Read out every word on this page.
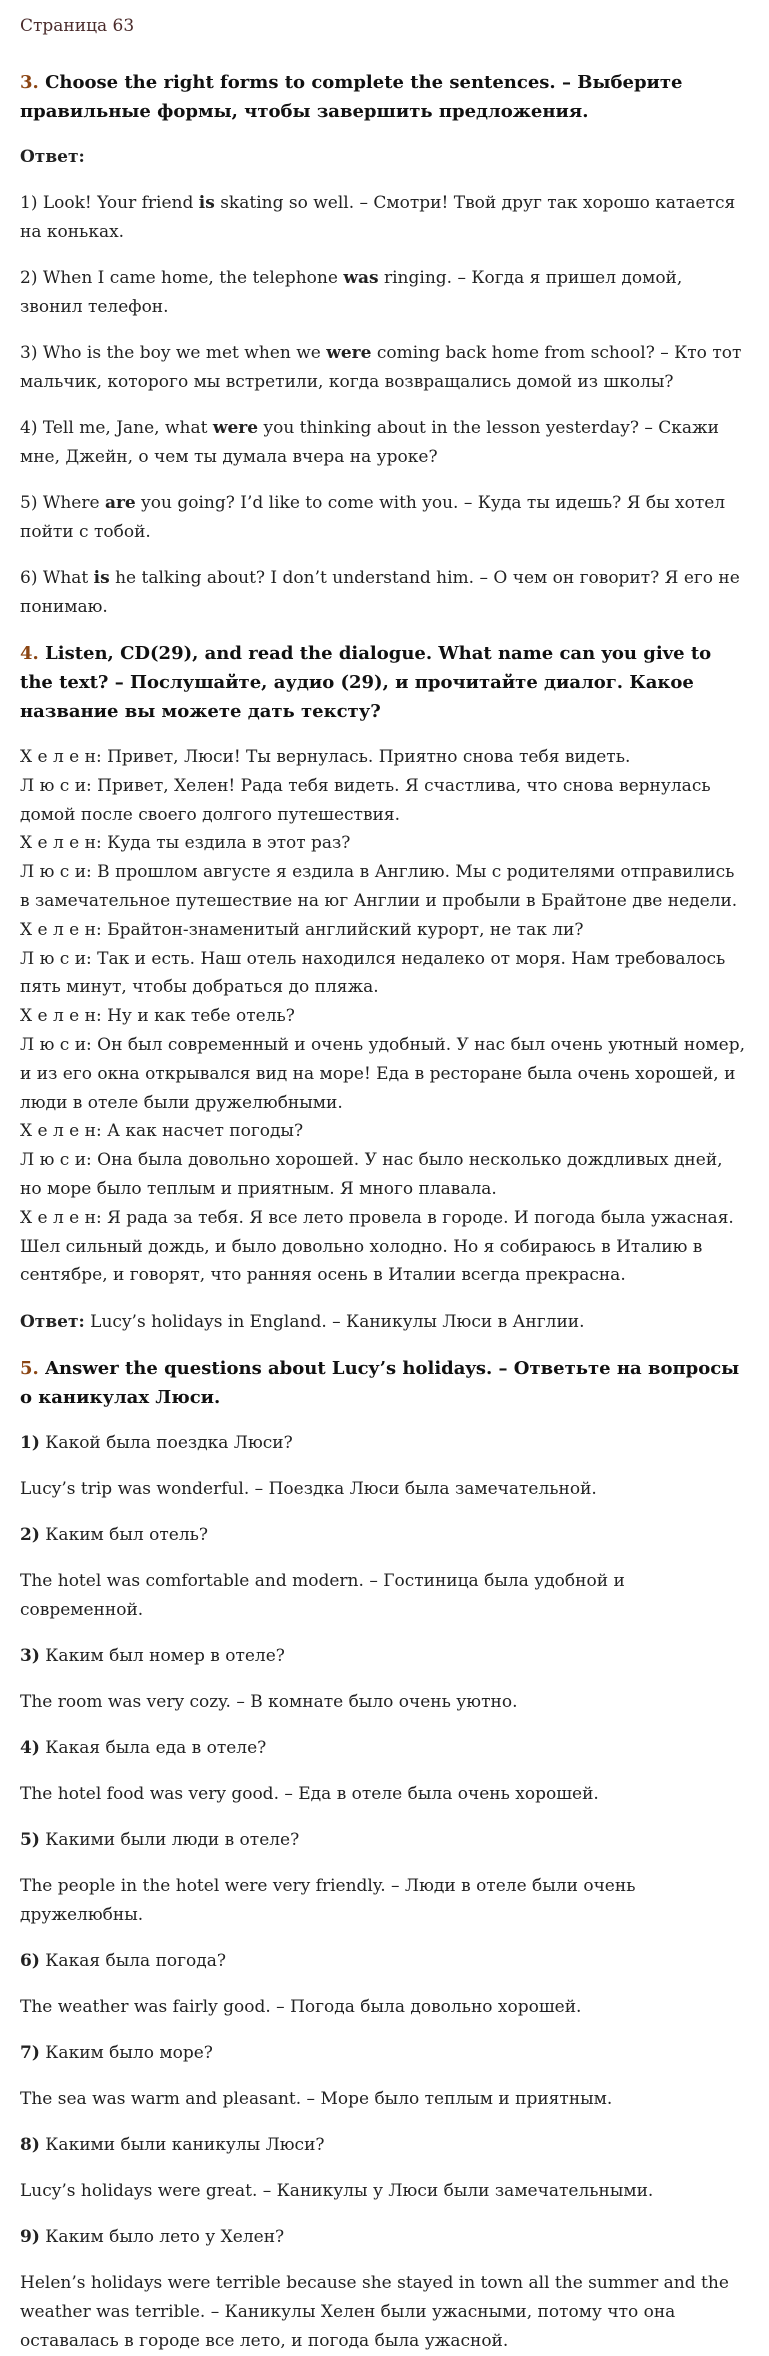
Страница 63
3. Choose the right forms to complete the sentences. – Выберите правильные формы, чтобы завершить предложения.
Ответ:
1) Look! Your friend is skating so well. – Смотри! Твой друг так хорошо катается на коньках.
2) When I came home, the telephone was ringing. – Когда я пришел домой, звонил телефон.
3) Who is the boy we met when we were coming back home from school? – Кто тот мальчик, которого мы встретили, когда возвращались домой из школы?
4) Tell me, Jane, what were you thinking about in the lesson yesterday? – Скажи мне, Джейн, о чем ты думала вчера на уроке?
5) Where are you going? I’d like to come with you. – Куда ты идешь? Я бы хотел пойти с тобой.
6) What is he talking about? I don’t understand him. – О чем он говорит? Я его не понимаю.
4. Listen, CD(29), and read the dialogue. What name can you give to the text? – Послушайте, аудио (29), и прочитайте диалог. Какое название вы можете дать тексту?
Х е л е н: Привет, Люси! Ты вернулась. Приятно снова тебя видеть.
Л ю с и: Привет, Хелен! Рада тебя видеть. Я счастлива, что снова вернулась домой после своего долгого путешествия.
Х е л е н: Куда ты ездила в этот раз?
Л ю с и: В прошлом августе я ездила в Англию. Мы с родителями отправились в замечательное путешествие на юг Англии и пробыли в Брайтоне две недели.
Х е л е н: Брайтон-знаменитый английский курорт, не так ли?
Л ю с и: Так и есть. Наш отель находился недалеко от моря. Нам требовалось пять минут, чтобы добраться до пляжа.
Х е л е н: Ну и как тебе отель?
Л ю с и: Он был современный и очень удобный. У нас был очень уютный номер, и из его окна открывался вид на море! Еда в ресторане была очень хорошей, и люди в отеле были дружелюбными.
Х е л е н: А как насчет погоды?
Л ю с и: Она была довольно хорошей. У нас было несколько дождливых дней, но море было теплым и приятным. Я много плавала.
Х е л е н: Я рада за тебя. Я все лето провела в городе. И погода была ужасная. Шел сильный дождь, и было довольно холодно. Но я собираюсь в Италию в сентябре, и говорят, что ранняя осень в Италии всегда прекрасна.
Ответ: Lucy’s holidays in England. – Каникулы Люси в Англии.
5. Answer the questions about Lucy’s holidays. – Ответьте на вопросы о каникулах Люси.
1) Какой была поездка Люси?
Lucy’s trip was wonderful. – Поездка Люси была замечательной.
2) Каким был отель?
The hotel was comfortable and modern. – Гостиница была удобной и современной.
3) Каким был номер в отеле?
The room was very cozy. – В комнате было очень уютно.
4) Какая была еда в отеле?
The hotel food was very good. – Еда в отеле была очень хорошей.
5) Какими были люди в отеле?
The people in the hotel were very friendly. – Люди в отеле были очень дружелюбны.
6) Какая была погода?
The weather was fairly good. – Погода была довольно хорошей.
7) Каким было море?
The sea was warm and pleasant. – Море было теплым и приятным.
8) Какими были каникулы Люси?
Lucy’s holidays were great. – Каникулы у Люси были замечательными.
9) Каким было лето у Хелен?
Helen’s holidays were terrible because she stayed in town all the summer and the weather was terrible. – Каникулы Хелен были ужасными, потому что она оставалась в городе все лето, и погода была ужасной.
